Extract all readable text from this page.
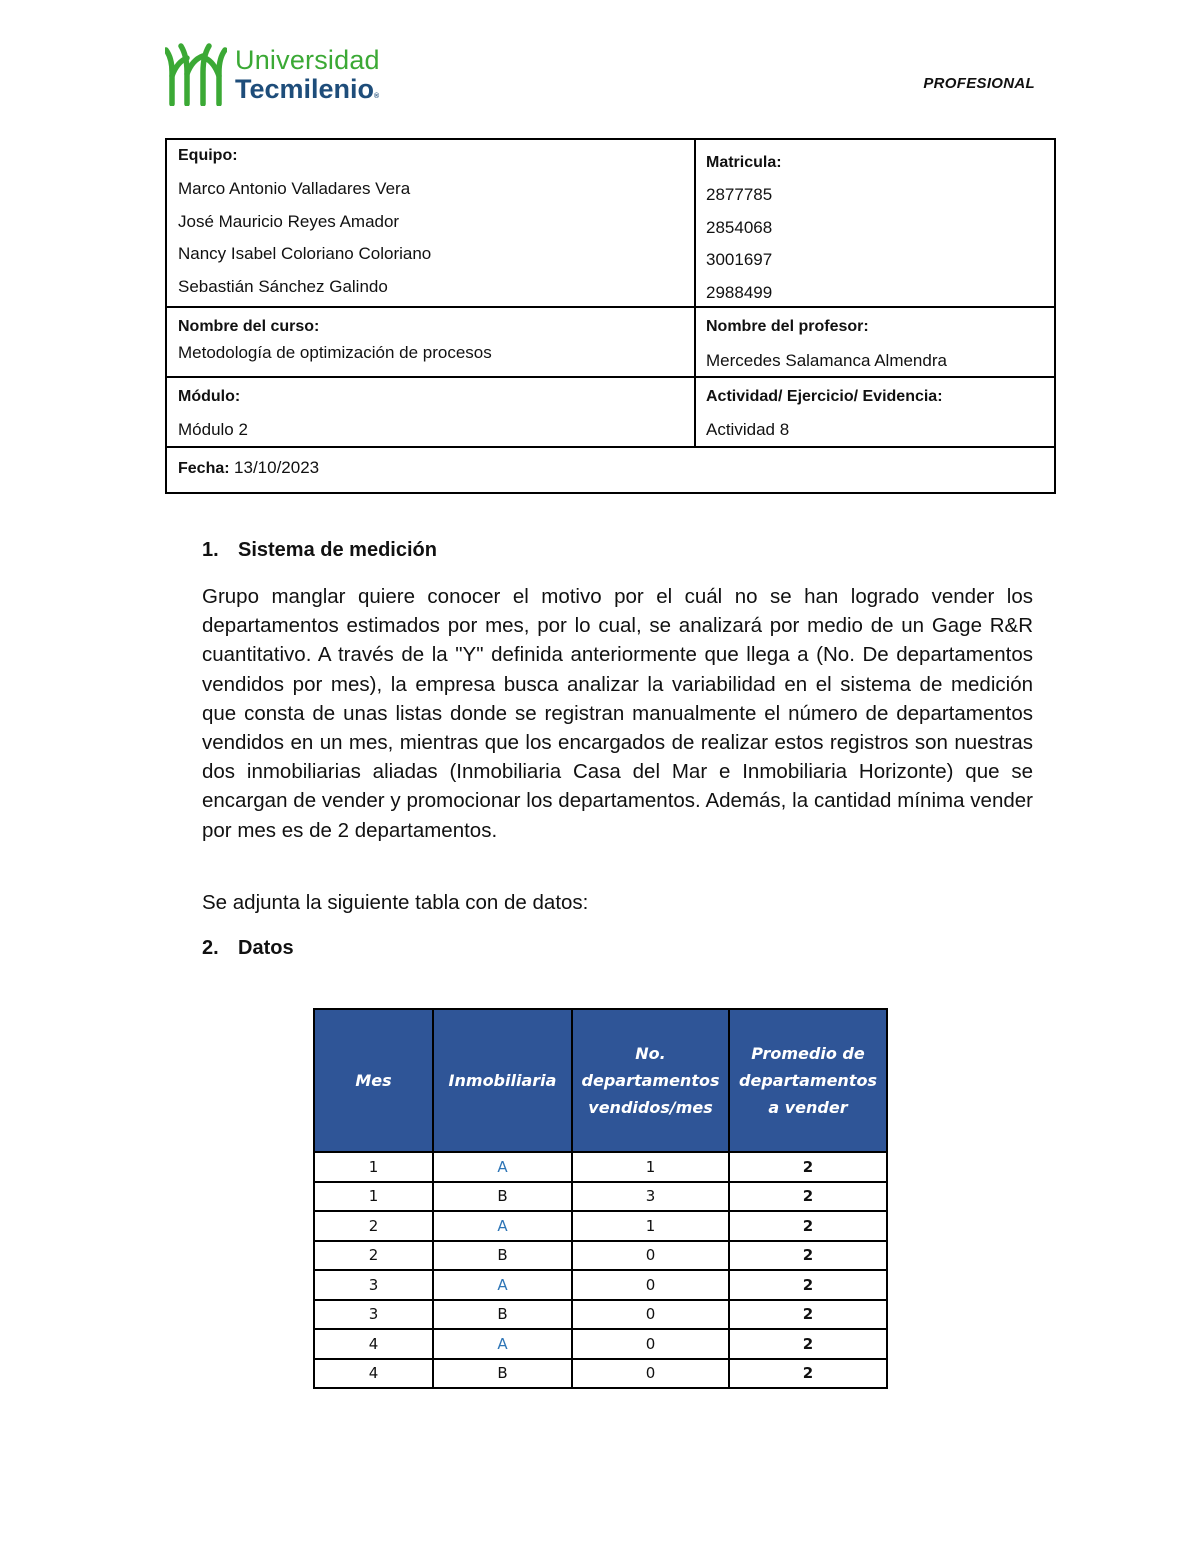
Universidad
Tecmilenio®
PROFESIONAL
Equipo:
Marco Antonio Valladares Vera
José Mauricio Reyes Amador
Nancy Isabel Coloriano Coloriano
Sebastián Sánchez Galindo
Matricula:
2877785
2854068
3001697
2988499
Nombre del curso:
Metodología de optimización de procesos
Nombre del profesor:
Mercedes Salamanca Almendra
Módulo:
Módulo 2
Actividad/ Ejercicio/ Evidencia:
Actividad 8
Fecha: 13/10/2023
1. Sistema de medición

Grupo manglar quiere conocer el motivo por el cuál no se han logrado vender los departamentos estimados por mes, por lo cual, se analizará por medio de un Gage R&R cuantitativo. A través de la "Y" definida anteriormente que llega a (No. De departamentos vendidos por mes), la empresa busca analizar la variabilidad en el sistema de medición que consta de unas listas donde se registran manualmente el número de departamentos vendidos en un mes, mientras que los encargados de realizar estos registros son nuestras dos inmobiliarias aliadas (Inmobiliaria Casa del Mar e Inmobiliaria Horizonte) que se encargan de vender y promocionar los departamentos. Además, la cantidad mínima vender por mes es de 2 departamentos.

Se adjunta la siguiente tabla con de datos:
2. Datos
Mes	Inmobiliaria	No. departamentos vendidos/mes	Promedio de departamentos a vender
1	A	1	2
1	B	3	2
2	A	1	2
2	B	0	2
3	A	0	2
3	B	0	2
4	A	0	2
4	B	0	2
